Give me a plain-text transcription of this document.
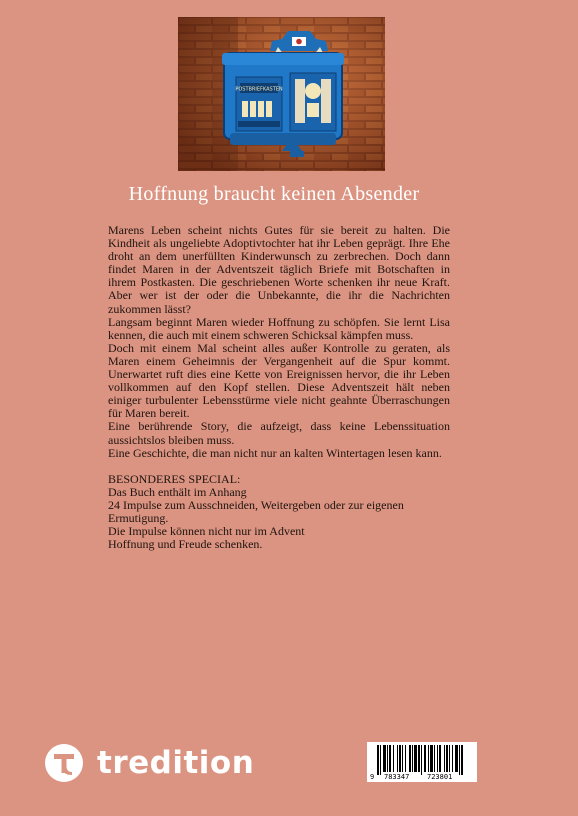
POSTBRIEFKASTEN
Hoffnung braucht keinen Absender

Marens Leben scheint nichts Gutes für sie bereit zu halten. Die Kindheit als ungeliebte Adoptivtochter hat ihr Leben geprägt. Ihre Ehe droht an dem unerfüllten Kinderwunsch zu zerbrechen. Doch dann findet Maren in der Adventszeit täglich Briefe mit Botschaften in ihrem Postkasten. Die geschriebenen Worte schenken ihr neue Kraft. Aber wer ist der oder die Unbekannte, die ihr die Nachrichten zukommen lässt?

Langsam beginnt Maren wieder Hoffnung zu schöpfen. Sie lernt Lisa kennen, die auch mit einem schweren Schicksal kämpfen muss.

Doch mit einem Mal scheint alles außer Kontrolle zu geraten, als Maren einem Geheimnis der Vergangenheit auf die Spur kommt. Unerwartet ruft dies eine Kette von Ereignissen hervor, die ihr Leben vollkommen auf den Kopf stellen. Diese Adventszeit hält neben einiger turbulenter Lebensstürme viele nicht geahnte Überraschungen für Maren bereit.

Eine berührende Story, die aufzeigt, dass keine Lebenssituation aussichtslos bleiben muss.

Eine Geschichte, die man nicht nur an kalten Wintertagen lesen kann.

BESONDERES SPECIAL:

Das Buch enthält im Anhang

24 Impulse zum Ausschneiden, Weitergeben oder zur eigenen Ermutigung.

Die Impulse können nicht nur im Advent

Hoffnung und Freude schenken.

tredition	9 783347	723801
